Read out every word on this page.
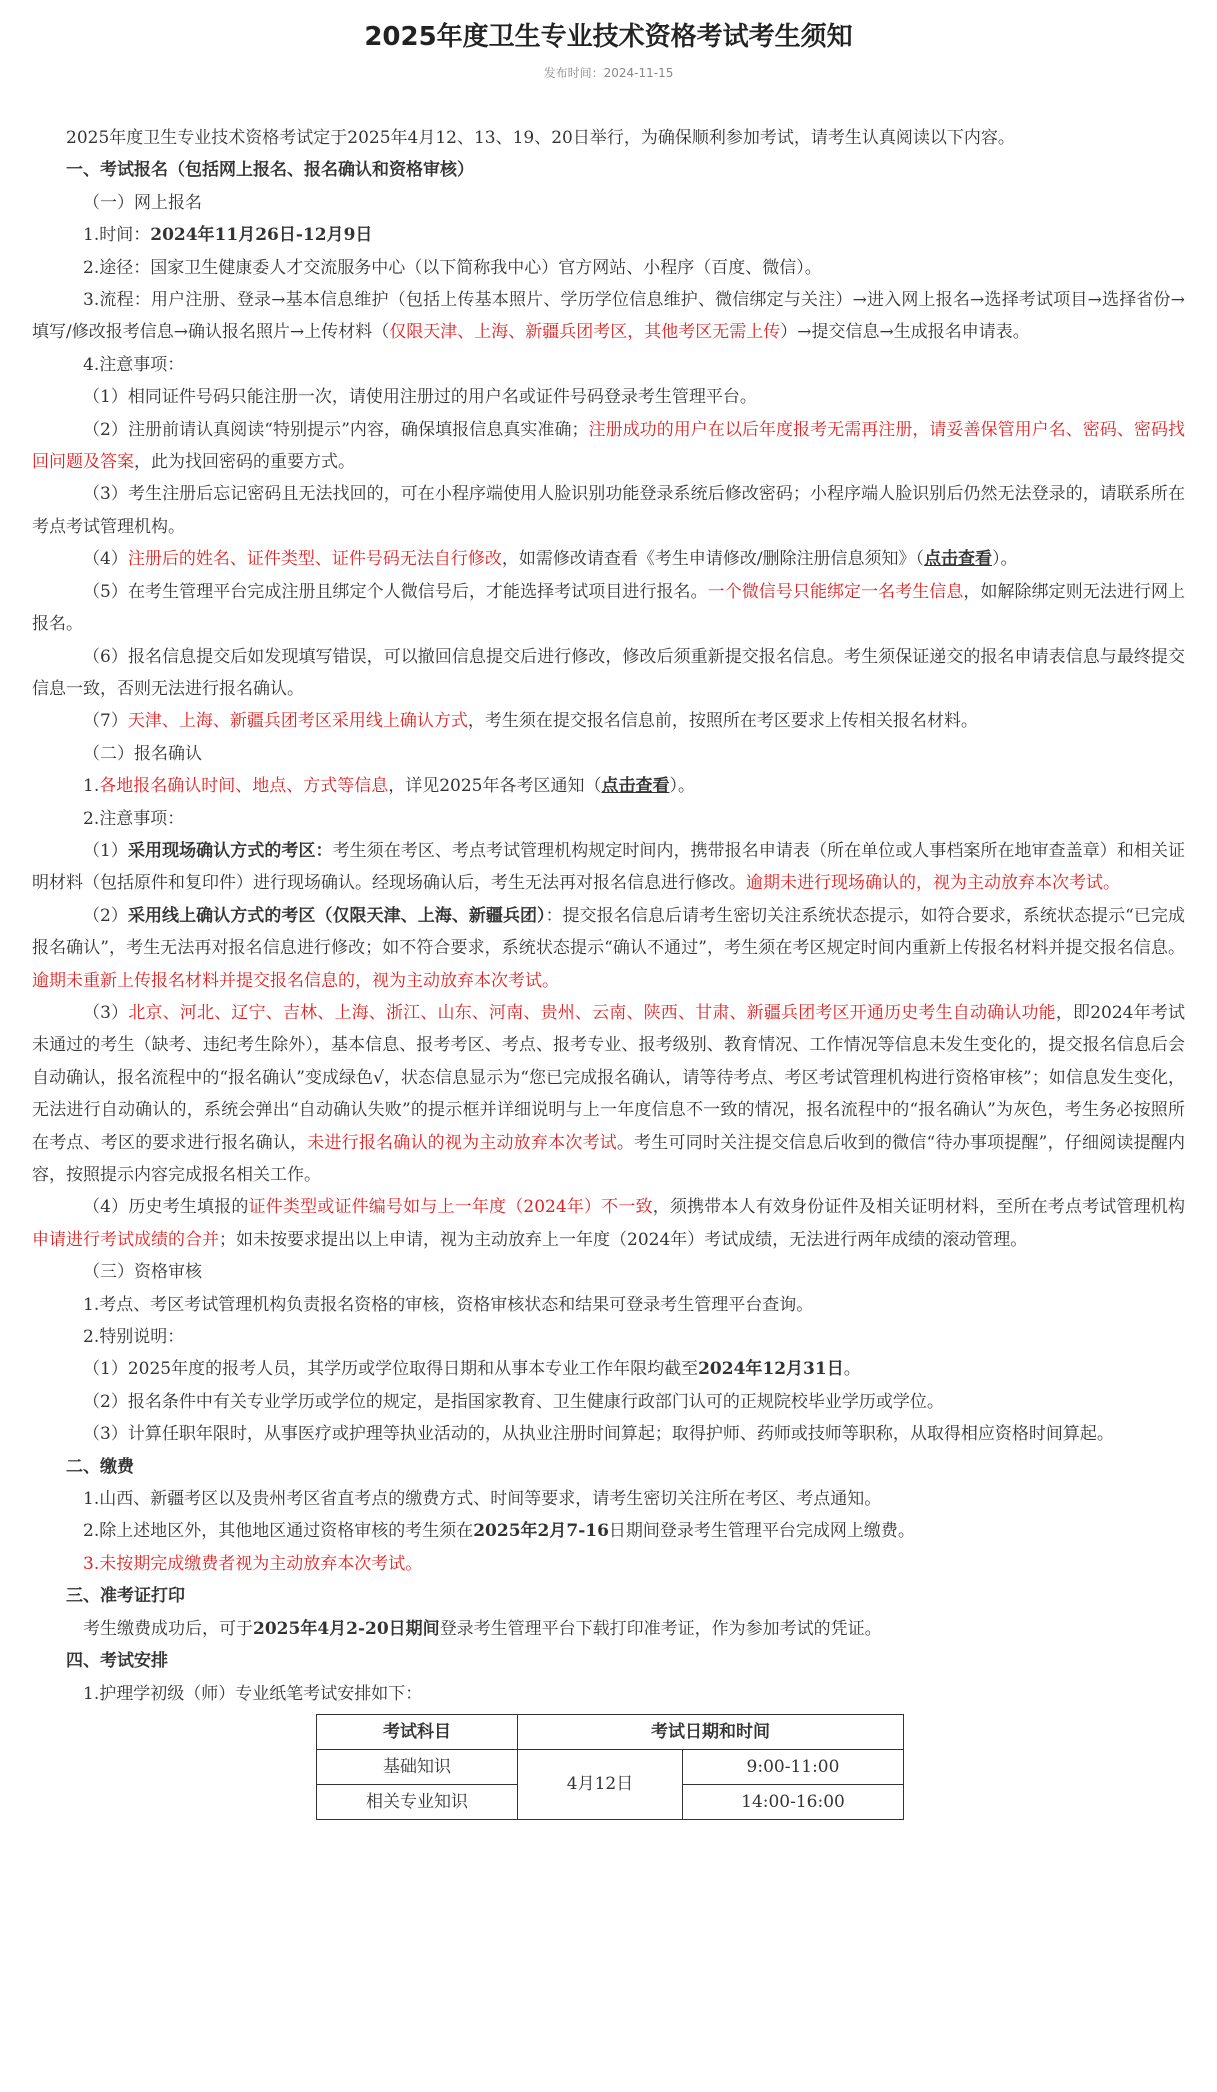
2025年度卫生专业技术资格考试考生须知
发布时间：2024-11-15

2025年度卫生专业技术资格考试定于2025年4月12、13、19、20日举行，为确保顺利参加考试，请考生认真阅读以下内容。

一、考试报名（包括网上报名、报名确认和资格审核）

（一）网上报名

1.时间：2024年11月26日-12月9日

2.途径：国家卫生健康委人才交流服务中心（以下简称我中心）官方网站、小程序（百度、微信）。

3.流程：用户注册、登录→基本信息维护（包括上传基本照片、学历学位信息维护、微信绑定与关注）→进入网上报名→选择考试项目→选择省份→填写/修改报考信息→确认报名照片→上传材料（仅限天津、上海、新疆兵团考区，其他考区无需上传）→提交信息→生成报名申请表。

4.注意事项：

（1）相同证件号码只能注册一次，请使用注册过的用户名或证件号码登录考生管理平台。

（2）注册前请认真阅读“特别提示”内容，确保填报信息真实准确；注册成功的用户在以后年度报考无需再注册，请妥善保管用户名、密码、密码找回问题及答案，此为找回密码的重要方式。

（3）考生注册后忘记密码且无法找回的，可在小程序端使用人脸识别功能登录系统后修改密码；小程序端人脸识别后仍然无法登录的，请联系所在考点考试管理机构。

（4）注册后的姓名、证件类型、证件号码无法自行修改，如需修改请查看《考生申请修改/删除注册信息须知》（点击查看）。

（5）在考生管理平台完成注册且绑定个人微信号后，才能选择考试项目进行报名。一个微信号只能绑定一名考生信息，如解除绑定则无法进行网上报名。

（6）报名信息提交后如发现填写错误，可以撤回信息提交后进行修改，修改后须重新提交报名信息。考生须保证递交的报名申请表信息与最终提交信息一致，否则无法进行报名确认。

（7）天津、上海、新疆兵团考区采用线上确认方式，考生须在提交报名信息前，按照所在考区要求上传相关报名材料。

（二）报名确认

1.各地报名确认时间、地点、方式等信息，详见2025年各考区通知（点击查看）。

2.注意事项：

（1）采用现场确认方式的考区：考生须在考区、考点考试管理机构规定时间内，携带报名申请表（所在单位或人事档案所在地审查盖章）和相关证明材料（包括原件和复印件）进行现场确认。经现场确认后，考生无法再对报名信息进行修改。逾期未进行现场确认的，视为主动放弃本次考试。

（2）采用线上确认方式的考区（仅限天津、上海、新疆兵团）：提交报名信息后请考生密切关注系统状态提示，如符合要求，系统状态提示“已完成报名确认”，考生无法再对报名信息进行修改；如不符合要求，系统状态提示“确认不通过”，考生须在考区规定时间内重新上传报名材料并提交报名信息。逾期未重新上传报名材料并提交报名信息的，视为主动放弃本次考试。

（3）北京、河北、辽宁、吉林、上海、浙江、山东、河南、贵州、云南、陕西、甘肃、新疆兵团考区开通历史考生自动确认功能，即2024年考试未通过的考生（缺考、违纪考生除外），基本信息、报考考区、考点、报考专业、报考级别、教育情况、工作情况等信息未发生变化的，提交报名信息后会自动确认，报名流程中的“报名确认”变成绿色√，状态信息显示为“您已完成报名确认，请等待考点、考区考试管理机构进行资格审核”；如信息发生变化，无法进行自动确认的，系统会弹出“自动确认失败”的提示框并详细说明与上一年度信息不一致的情况，报名流程中的“报名确认”为灰色，考生务必按照所在考点、考区的要求进行报名确认，未进行报名确认的视为主动放弃本次考试。考生可同时关注提交信息后收到的微信“待办事项提醒”，仔细阅读提醒内容，按照提示内容完成报名相关工作。

（4）历史考生填报的证件类型或证件编号如与上一年度（2024年）不一致，须携带本人有效身份证件及相关证明材料，至所在考点考试管理机构申请进行考试成绩的合并；如未按要求提出以上申请，视为主动放弃上一年度（2024年）考试成绩，无法进行两年成绩的滚动管理。

（三）资格审核

1.考点、考区考试管理机构负责报名资格的审核，资格审核状态和结果可登录考生管理平台查询。

2.特别说明：

（1）2025年度的报考人员，其学历或学位取得日期和从事本专业工作年限均截至2024年12月31日。

（2）报名条件中有关专业学历或学位的规定，是指国家教育、卫生健康行政部门认可的正规院校毕业学历或学位。

（3）计算任职年限时，从事医疗或护理等执业活动的，从执业注册时间算起；取得护师、药师或技师等职称，从取得相应资格时间算起。

二、缴费

1.山西、新疆考区以及贵州考区省直考点的缴费方式、时间等要求，请考生密切关注所在考区、考点通知。

2.除上述地区外，其他地区通过资格审核的考生须在2025年2月7-16日期间登录考生管理平台完成网上缴费。

3.未按期完成缴费者视为主动放弃本次考试。

三、准考证打印

考生缴费成功后，可于2025年4月2-20日期间登录考生管理平台下载打印准考证，作为参加考试的凭证。

四、考试安排

1.护理学初级（师）专业纸笔考试安排如下：

考试科目	考试日期和时间	
基础知识	4月12日	9:00-11:00
相关专业知识		14:00-16:00
